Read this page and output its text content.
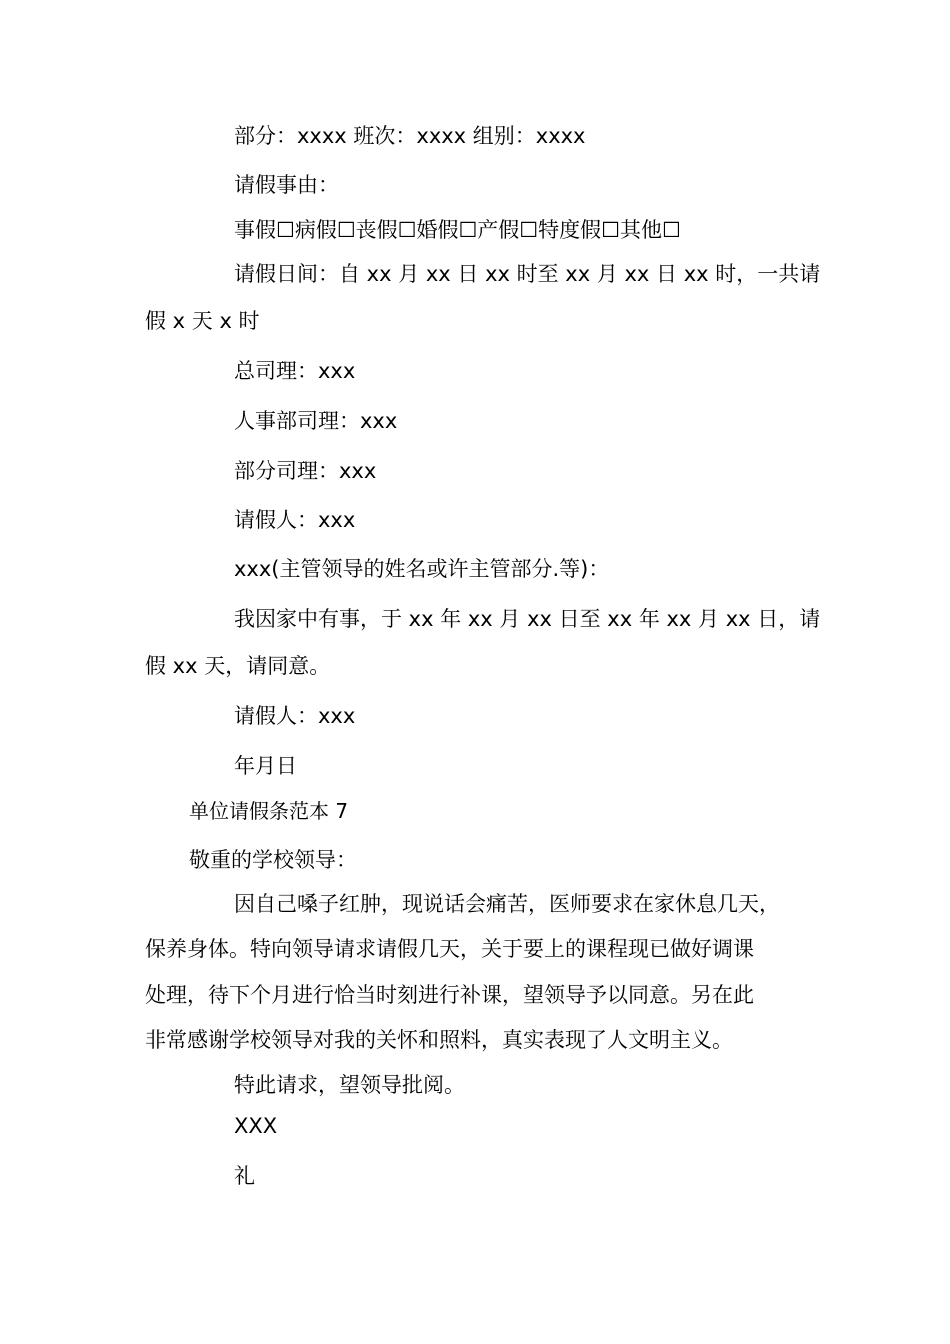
部分：xxxx 班次：xxxx 组别：xxxx

请假事由：

事假☐病假☐丧假☐婚假☐产假☐特度假☐其他☐

请假日间：自 xx 月 xx 日 xx 时至 xx 月 xx 日 xx 时，一共请

假 x 天 x 时

总司理：xxx

人事部司理：xxx

部分司理：xxx

请假人：xxx

xxx(主管领导的姓名或许主管部分.等)：

我因家中有事，于 xx 年 xx 月 xx 日至 xx 年 xx 月 xx 日，请

假 xx 天，请同意。

请假人：xxx

年月日

单位请假条范本 7

敬重的学校领导：

因自己嗓子红肿，现说话会痛苦，医师要求在家休息几天，

保养身体。特向领导请求请假几天，关于要上的课程现已做好调课

处理，待下个月进行恰当时刻进行补课，望领导予以同意。另在此

非常感谢学校领导对我的关怀和照料，真实表现了人文明主义。

特此请求，望领导批阅。

XXX

礼
